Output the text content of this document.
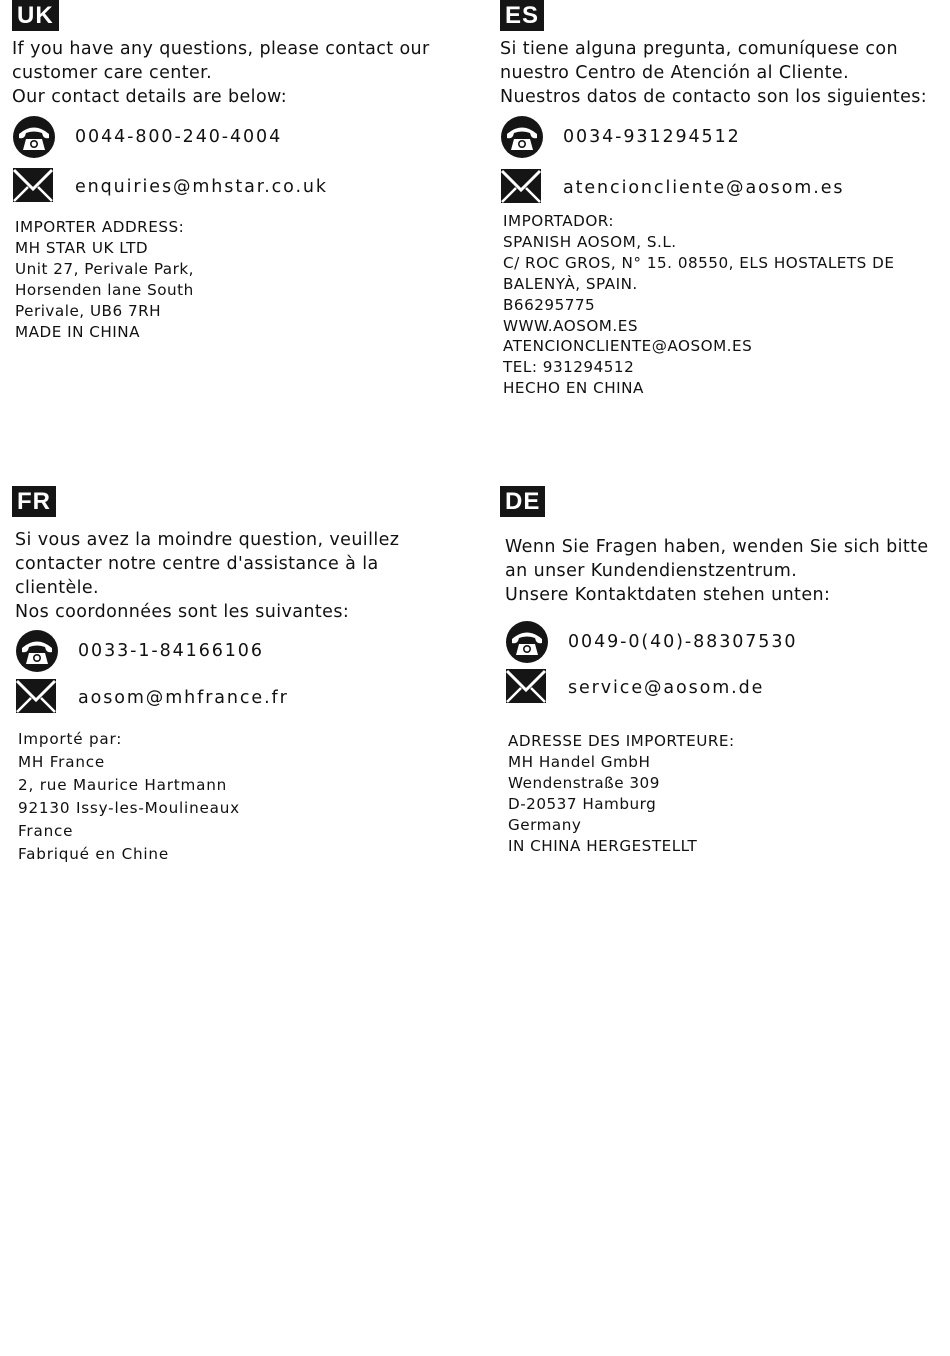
UK
If you have any questions, please contact our
customer care center.
Our contact details are below:
0044-800-240-4004
enquiries@mhstar.co.uk
IMPORTER ADDRESS:
MH STAR UK LTD
Unit 27, Perivale Park,
Horsenden lane South
Perivale, UB6 7RH
MADE IN CHINA
ES
Si tiene alguna pregunta, comuníquese con
nuestro Centro de Atención al Cliente.
Nuestros datos de contacto son los siguientes:
0034-931294512
atencioncliente@aosom.es
IMPORTADOR:
SPANISH AOSOM, S.L.
C/ ROC GROS, N° 15. 08550, ELS HOSTALETS DE
BALENYÀ, SPAIN.
B66295775
WWW.AOSOM.ES
ATENCIONCLIENTE@AOSOM.ES
TEL: 931294512
HECHO EN CHINA
FR
Si vous avez la moindre question, veuillez
contacter notre centre d'assistance à la
clientèle.
Nos coordonnées sont les suivantes:
0033-1-84166106
aosom@mhfrance.fr
Importé par:
MH France
2, rue Maurice Hartmann
92130 Issy-les-Moulineaux
France
Fabriqué en Chine
DE
Wenn Sie Fragen haben, wenden Sie sich bitte
an unser Kundendienstzentrum.
Unsere Kontaktdaten stehen unten:
0049-0(40)-88307530
service@aosom.de
ADRESSE DES IMPORTEURE:
MH Handel GmbH
Wendenstraße 309
D-20537 Hamburg
Germany
IN CHINA HERGESTELLT
